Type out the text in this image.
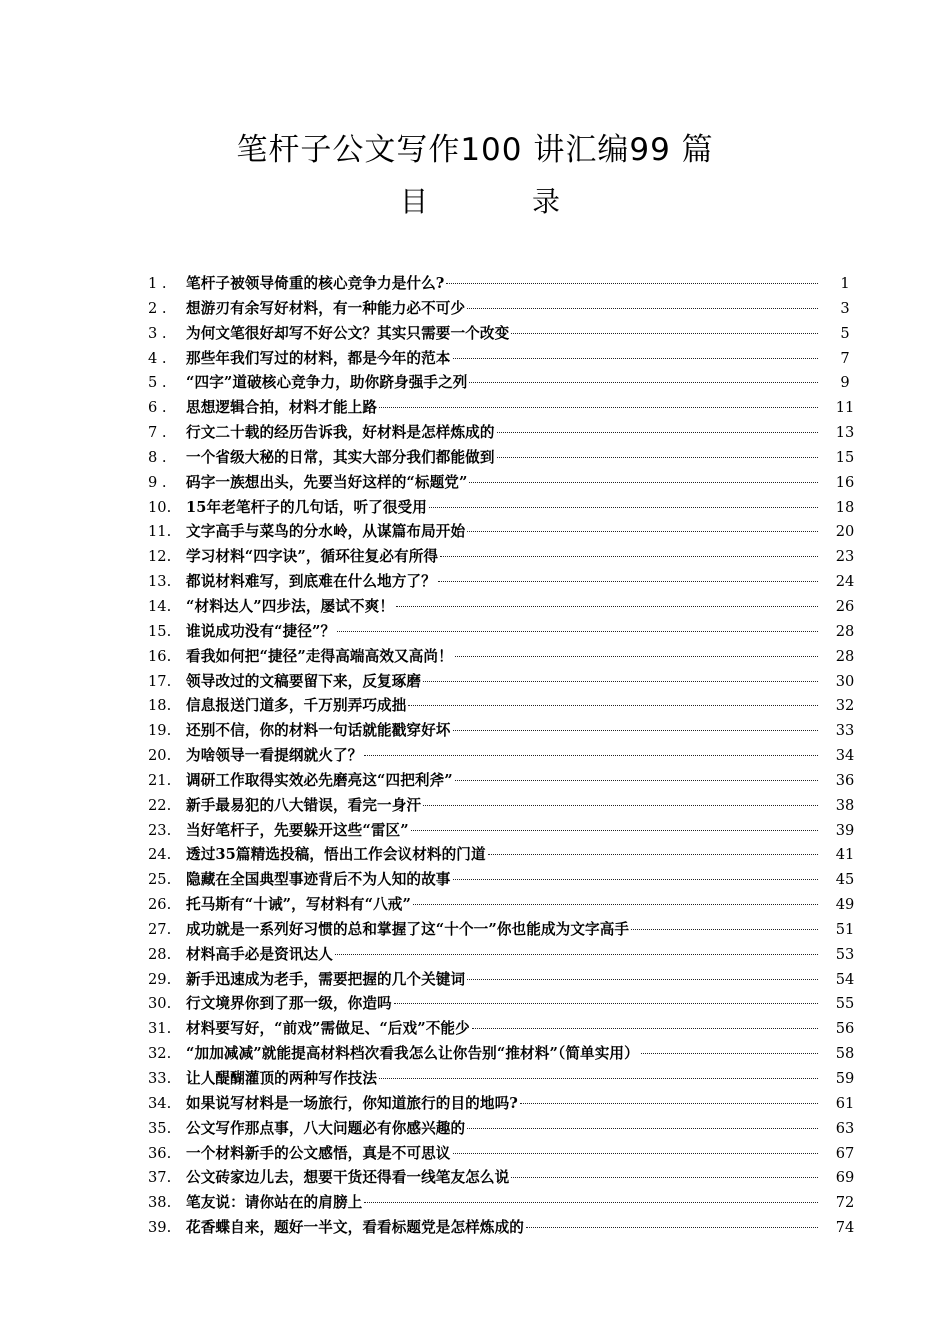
笔杆子公文写作100 讲汇编99 篇
目	录
1 .	笔杆子被领导倚重的核心竞争力是什么?	1
2 .	想游刃有余写好材料，有一种能力必不可少	3
3 .	为何文笔很好却写不好公文？其实只需要一个改变	5
4 .	那些年我们写过的材料，都是今年的范本	7
5 .	“四字”道破核心竞争力，助你跻身强手之列	9
6 .	思想逻辑合拍，材料才能上路	11
7 .	行文二十载的经历告诉我，好材料是怎样炼成的	13
8 .	一个省级大秘的日常，其实大部分我们都能做到	15
9 .	码字一族想出头，先要当好这样的“标题党”	16
10.	15年老笔杆子的几句话，听了很受用	18
11.	文字高手与菜鸟的分水岭，从谋篇布局开始	20
12.	学习材料“四字诀”，循环往复必有所得	23
13.	都说材料难写，到底难在什么地方了？	24
14.	“材料达人”四步法，屡试不爽！	26
15.	谁说成功没有“捷径”？	28
16.	看我如何把“捷径”走得高端高效又高尚！	28
17.	领导改过的文稿要留下来，反复琢磨	30
18.	信息报送门道多，千万别弄巧成拙	32
19.	还别不信，你的材料一句话就能戳穿好坏	33
20.	为啥领导一看提纲就火了？	34
21.	调研工作取得实效必先磨亮这“四把利斧”	36
22.	新手最易犯的八大错误，看完一身汗	38
23.	当好笔杆子，先要躲开这些“雷区”	39
24.	透过35篇精选投稿，悟出工作会议材料的门道	41
25.	隐藏在全国典型事迹背后不为人知的故事	45
26.	托马斯有“十诫”，写材料有“八戒”	49
27.	成功就是一系列好习惯的总和掌握了这“十个一”你也能成为文字高手	51
28.	材料高手必是资讯达人	53
29.	新手迅速成为老手，需要把握的几个关键词	54
30.	行文境界你到了那一级，你造吗	55
31.	材料要写好，“前戏”需做足、“后戏”不能少	56
32.	“加加减减”就能提高材料档次看我怎么让你告别“推材料”（简单实用）	58
33.	让人醍醐灌顶的两种写作技法	59
34.	如果说写材料是一场旅行，你知道旅行的目的地吗?	61
35.	公文写作那点事，八大问题必有你感兴趣的	63
36.	一个材料新手的公文感悟，真是不可思议	67
37.	公文砖家边儿去，想要干货还得看一线笔友怎么说	69
38.	笔友说：请你站在的肩膀上	72
39.	花香蝶自来，题好一半文，看看标题党是怎样炼成的	74
